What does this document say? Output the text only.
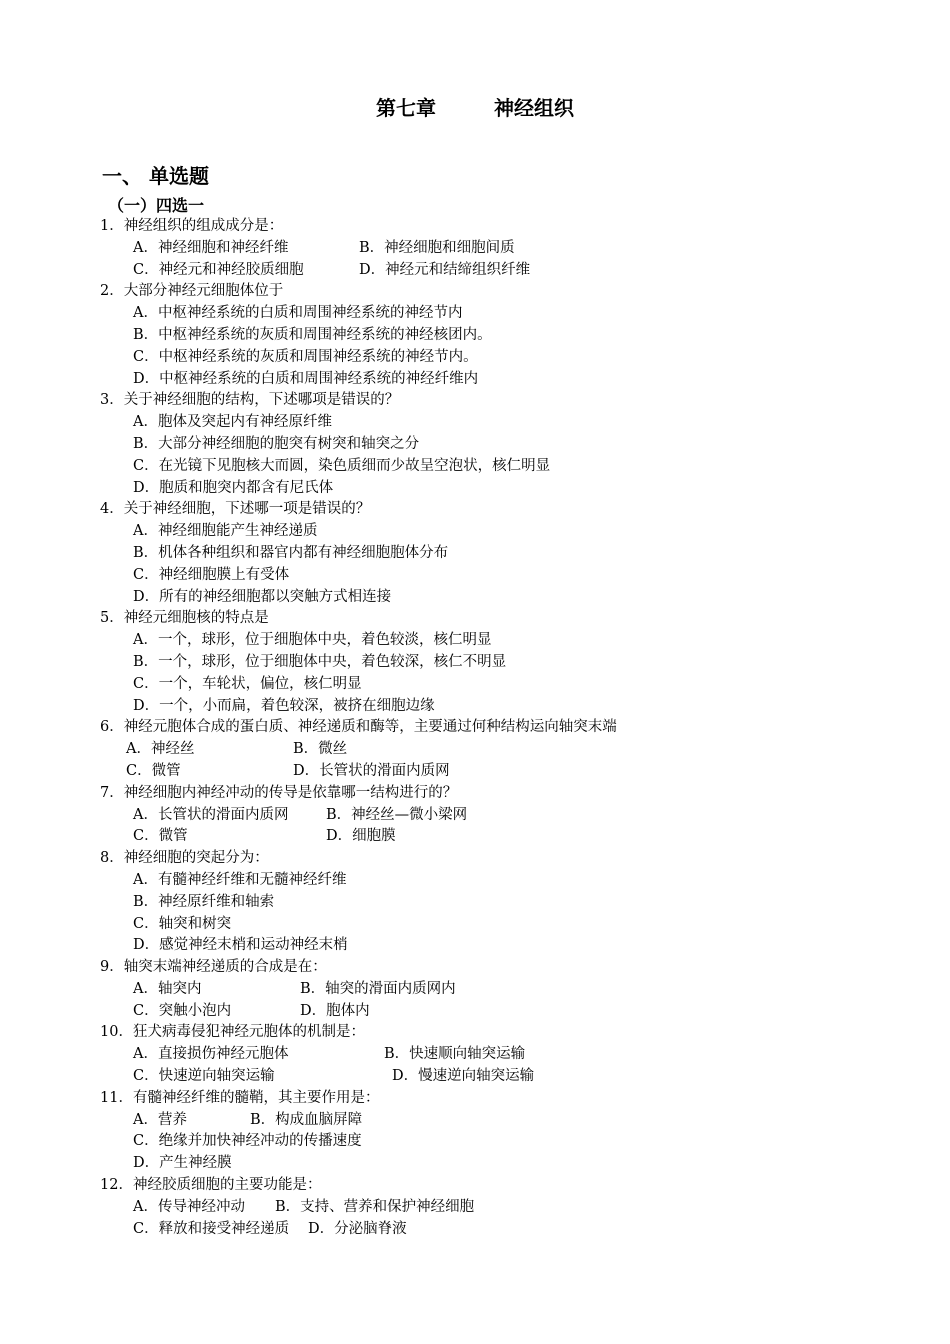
第七章	神经组织
一、 单选题
（一）四选一
1．神经组织的组成成分是：
A．神经细胞和神经纤维	B．神经细胞和细胞间质
C．神经元和神经胶质细胞	D．神经元和结缔组织纤维
2．大部分神经元细胞体位于
A．中枢神经系统的白质和周围神经系统的神经节内
B．中枢神经系统的灰质和周围神经系统的神经核团内。
C．中枢神经系统的灰质和周围神经系统的神经节内。
D．中枢神经系统的白质和周围神经系统的神经纤维内
3．关于神经细胞的结构，下述哪项是错误的？
A．胞体及突起内有神经原纤维
B．大部分神经细胞的胞突有树突和轴突之分
C．在光镜下见胞核大而圆，染色质细而少故呈空泡状，核仁明显
D．胞质和胞突内都含有尼氏体
4．关于神经细胞，下述哪一项是错误的？
A．神经细胞能产生神经递质
B．机体各种组织和器官内都有神经细胞胞体分布
C．神经细胞膜上有受体
D．所有的神经细胞都以突触方式相连接
5．神经元细胞核的特点是
A．一个，球形，位于细胞体中央，着色较淡，核仁明显
B．一个，球形，位于细胞体中央，着色较深，核仁不明显
C．一个，车轮状，偏位，核仁明显
D．一个，小而扁，着色较深，被挤在细胞边缘
6．神经元胞体合成的蛋白质、神经递质和酶等，主要通过何种结构运向轴突末端
A．神经丝	B．微丝
C．微管	D．长管状的滑面内质网
7．神经细胞内神经冲动的传导是依靠哪一结构进行的？
A．长管状的滑面内质网	B．神经丝—微小梁网
C．微管	D．细胞膜
8．神经细胞的突起分为：
A．有髓神经纤维和无髓神经纤维
B．神经原纤维和轴索
C．轴突和树突
D．感觉神经末梢和运动神经末梢
9．轴突末端神经递质的合成是在：
A．轴突内	B．轴突的滑面内质网内
C．突触小泡内	D．胞体内
10．狂犬病毒侵犯神经元胞体的机制是：
A．直接损伤神经元胞体	B．快速顺向轴突运输
C．快速逆向轴突运输	D．慢速逆向轴突运输
11．有髓神经纤维的髓鞘，其主要作用是：
A．营养	B．构成血脑屏障
C．绝缘并加快神经冲动的传播速度
D．产生神经膜
12．神经胶质细胞的主要功能是：
A．传导神经冲动 B．支持、营养和保护神经细胞
C．释放和接受神经递质 D．分泌脑脊液
